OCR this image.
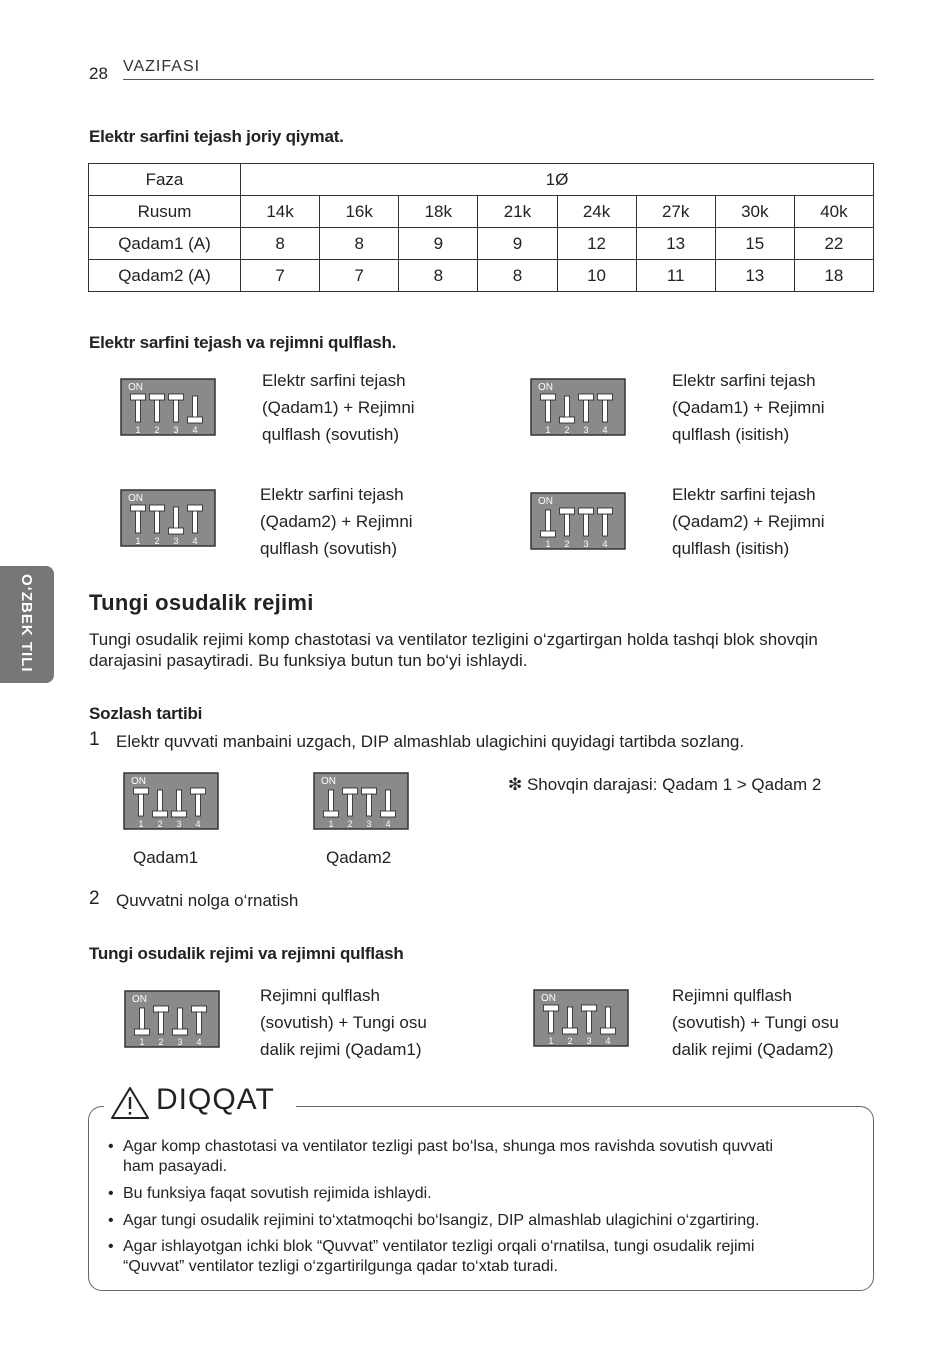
28 VAZIFASI
O‘ZBEK TILI
Elektr sarfini tejash joriy qiymat.
Faza	1Ø							
Rusum	14k	16k	18k	21k	24k	27k	30k	40k
Qadam1 (A)	8	8	9	9	12	13	15	22
Qadam2 (A)	7	7	8	8	10	11	13	18
Elektr sarfini tejash va rejimni qulflash.
ON
1 2 3 4
Elektr sarfini tejash
(Qadam1) + Rejimni
qulflash (sovutish)
ON
1 2 3 4
Elektr sarfini tejash
(Qadam1) + Rejimni
qulflash (isitish)
ON
1 2 3 4
Elektr sarfini tejash
(Qadam2) + Rejimni
qulflash (sovutish)
ON
1 2 3 4
Elektr sarfini tejash
(Qadam2) + Rejimni
qulflash (isitish)
Tungi osudalik rejimi
Tungi osudalik rejimi komp chastotasi va ventilator tezligini o‘zgartirgan holda tashqi blok shovqin
darajasini pasaytiradi. Bu funksiya butun tun bo‘yi ishlaydi.
Sozlash tartibi
1 Elektr quvvati manbaini uzgach, DIP almashlab ulagichini quyidagi tartibda sozlang.
ON
1 2 3 4
Qadam1
ON
1 2 3 4
Qadam2
❇ Shovqin darajasi: Qadam 1 > Qadam 2
2 Quvvatni nolga o‘rnatish
Tungi osudalik rejimi va rejimni qulflash
ON
1 2 3 4
Rejimni qulflash
(sovutish) + Tungi osu
dalik rejimi (Qadam1)
ON
1 2 3 4
Rejimni qulflash
(sovutish) + Tungi osu
dalik rejimi (Qadam2)
DIQQAT
• Agar komp chastotasi va ventilator tezligi past bo‘lsa, shunga mos ravishda sovutish quvvati
ham pasayadi.
• Bu funksiya faqat sovutish rejimida ishlaydi.
• Agar tungi osudalik rejimini to‘xtatmoqchi bo‘lsangiz, DIP almashlab ulagichini o‘zgartiring.
• Agar ishlayotgan ichki blok “Quvvat” ventilator tezligi orqali o‘rnatilsa, tungi osudalik rejimi
“Quvvat” ventilator tezligi o‘zgartirilgunga qadar to‘xtab turadi.
